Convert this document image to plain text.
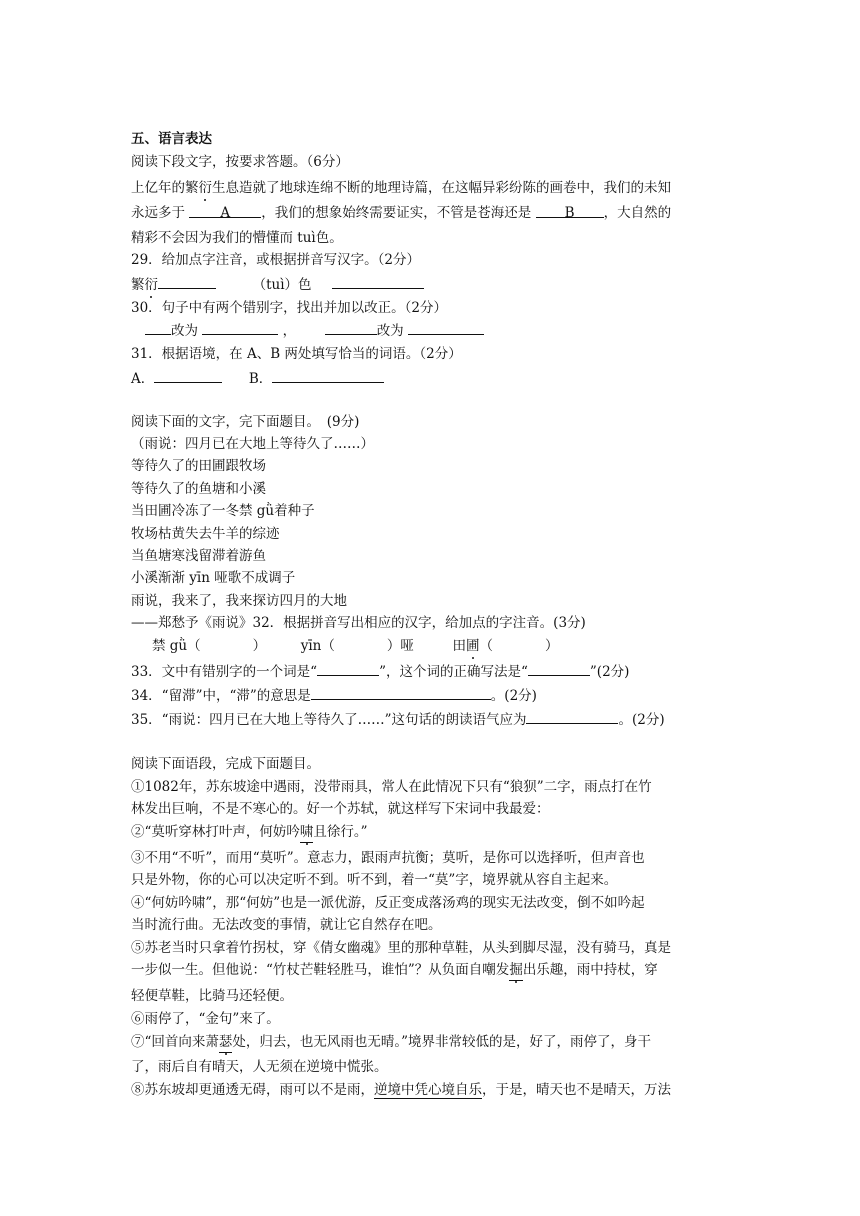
五、语言表达
阅读下段文字，按要求答题。（6分）
上亿年的繁衍生息造就了地球连绵不断的地理诗篇，在这幅异彩纷陈的画卷中，我们的未知
永远多于	A ，我们的想象始终需要证实，不管是苍海还是 B ，大自然的
精彩不会因为我们的懵懂而 tuì色。
29．给加点字注音，或根据拼音写汉字。（2分）
繁衍	（tuì）色
30．句子中有两个错别字，找出并加以改正。（2分）
改为	，	改为
31．根据语境，在 A、B 两处填写恰当的词语。（2分）
A．	B．
阅读下面的文字，完下面题目。　(9分)
（雨说：四月已在大地上等待久了……）
等待久了的田圃跟牧场
等待久了的鱼塘和小溪
当田圃冷冻了一冬禁 gǜ着种子
牧场枯黄失去牛羊的综迹
当鱼塘寒浅留滞着游鱼
小溪渐渐 yīn 哑歌不成调子
雨说，我来了，我来探访四月的大地
——郑愁予《雨说》32．根据拼音写出相应的汉字，给加点的字注音。(3分)
禁 gǜ（	）	yīn（	）哑	田圃（	）
33．文中有错别字的一个词是“	”，这个词的正确写法是“	”(2分)
34．“留滞”中，“滞”的意思是	。(2分)
35．“雨说：四月已在大地上等待久了……”这句话的朗读语气应为	。(2分)
阅读下面语段，完成下面题目。
①1082年，苏东坡途中遇雨，没带雨具，常人在此情况下只有“狼狈”二字，雨点打在竹
林发出巨响，不是不寒心的。好一个苏轼，就这样写下宋词中我最爱：
②“莫听穿林打叶声，何妨吟啸且徐行。”
③不用“不听”，而用“莫听”。意志力，跟雨声抗衡；莫听，是你可以选择听，但声音也
只是外物，你的心可以决定听不到。听不到，着一“莫”字，境界就从容自主起来。
④“何妨吟啸”，那“何妨”也是一派优游，反正变成落汤鸡的现实无法改变，倒不如吟起
当时流行曲。无法改变的事情，就让它自然存在吧。
⑤苏老当时只拿着竹拐杖，穿《倩女幽魂》里的那种草鞋，从头到脚尽湿，没有骑马，真是
一步似一生。但他说：“竹杖芒鞋轻胜马，谁怕”？从负面自嘲发掘出乐趣，雨中持杖，穿
轻便草鞋，比骑马还轻便。
⑥雨停了，“金句”来了。
⑦“回首向来萧瑟处，归去，也无风雨也无晴。”境界非常较低的是，好了，雨停了，身干
了，雨后自有晴天，人无须在逆境中慌张。
⑧苏东坡却更通透无碍，雨可以不是雨，逆境中凭心境自乐，于是，晴天也不是晴天，万法
